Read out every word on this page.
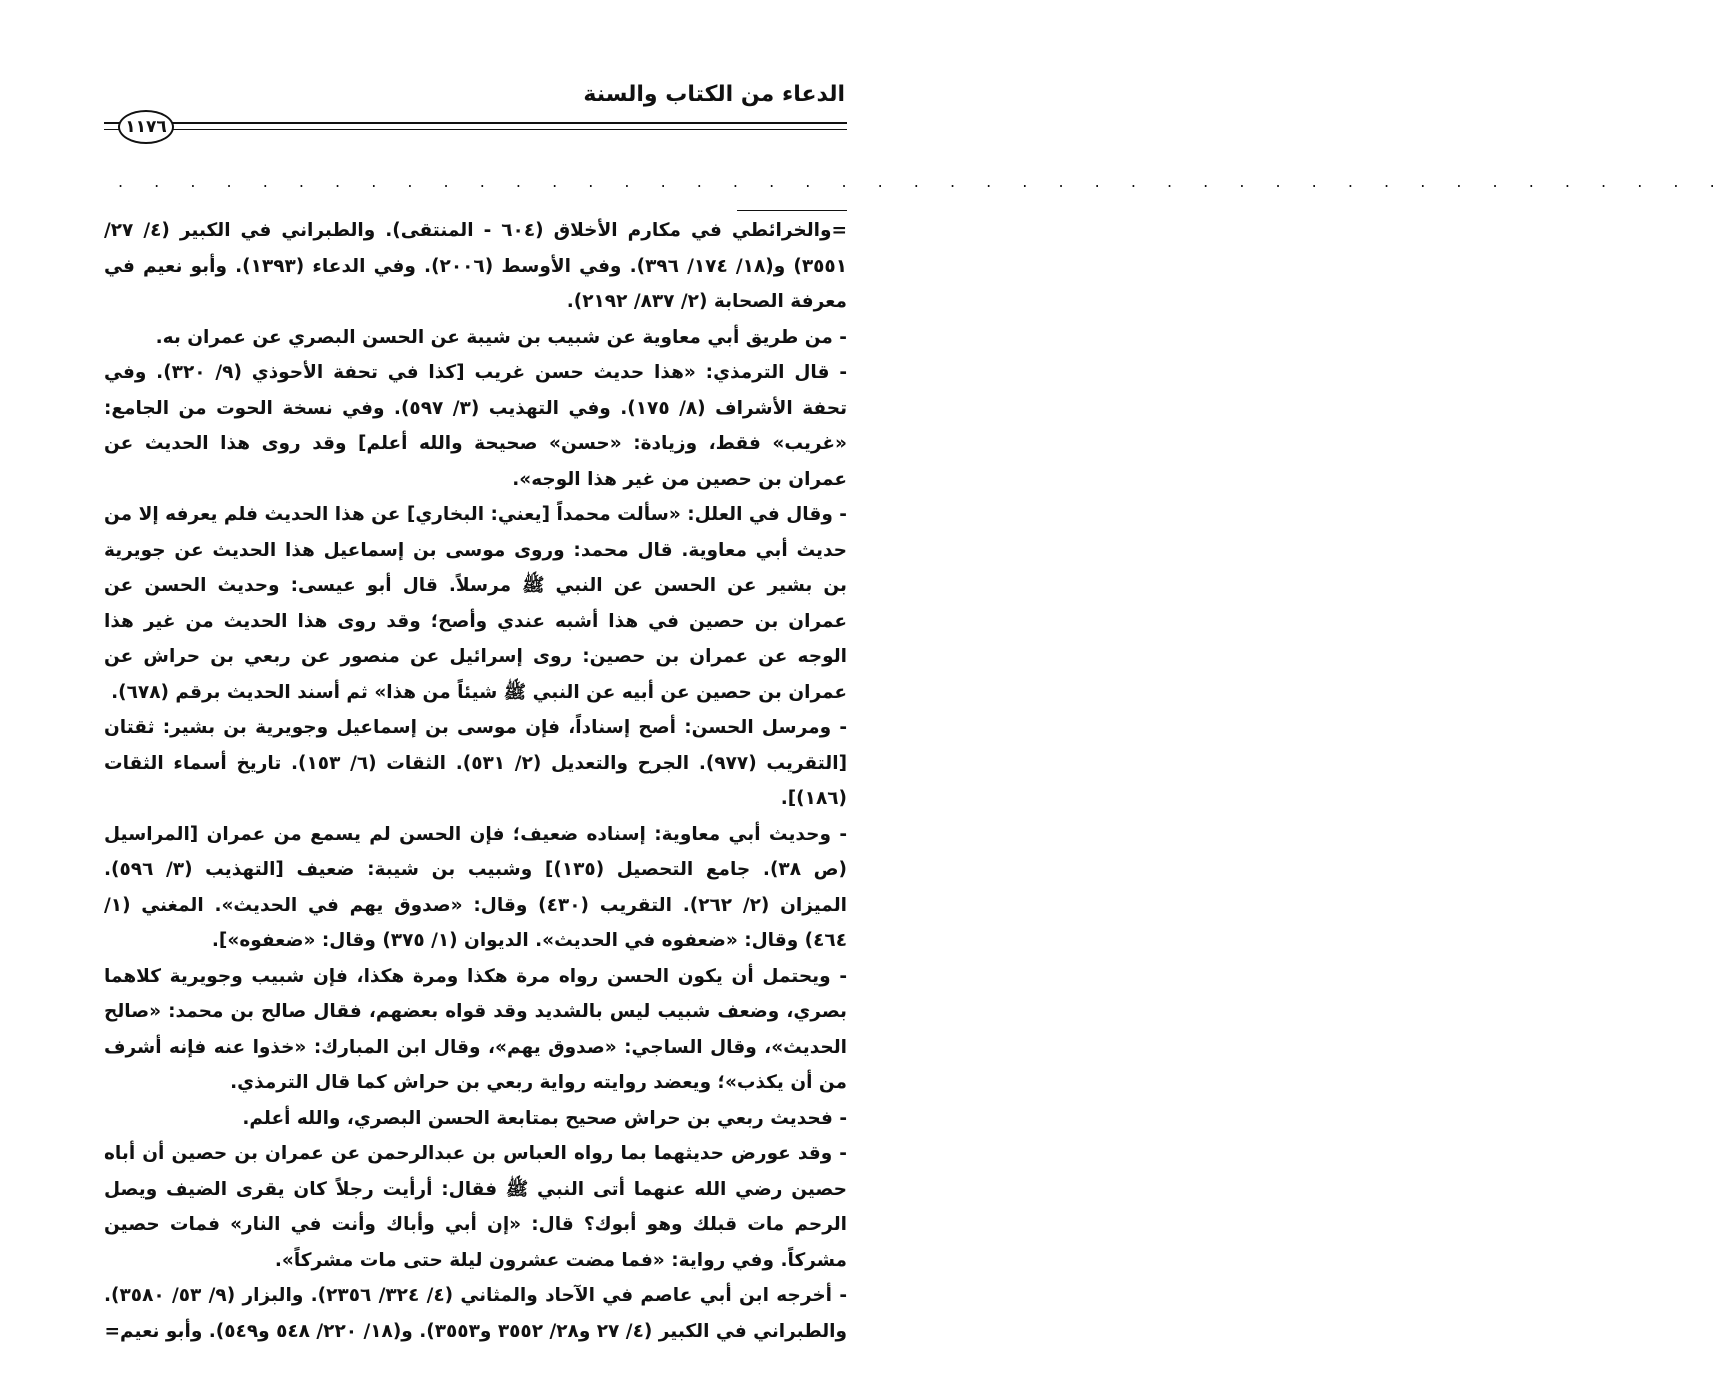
الدعاء من الكتاب والسنة
١١٧٦
. . . . . . . . . . . . . . . . . . . . . . . . . . . . . . . . . . . . . . . . . . . . .

=والخرائطي في مكارم الأخلاق (٦٠٤ - المنتقى). والطبراني في الكبير (٤/ ٢٧/ ٣٥٥١) و(١٨/ ١٧٤/ ٣٩٦). وفي الأوسط (٢٠٠٦). وفي الدعاء (١٣٩٣). وأبو نعيم في معرفة الصحابة (٢/ ٨٣٧/ ٢١٩٢).

- من طريق أبي معاوية عن شبيب بن شيبة عن الحسن البصري عن عمران به.

- قال الترمذي: «هذا حديث حسن غريب [كذا في تحفة الأحوذي (٩/ ٣٢٠). وفي تحفة الأشراف (٨/ ١٧٥). وفي التهذيب (٣/ ٥٩٧). وفي نسخة الحوت من الجامع: «غريب» فقط، وزيادة: «حسن» صحيحة والله أعلم] وقد روى هذا الحديث عن عمران بن حصين من غير هذا الوجه».

- وقال في العلل: «سألت محمداً [يعني: البخاري] عن هذا الحديث فلم يعرفه إلا من حديث أبي معاوية. قال محمد: وروى موسى بن إسماعيل هذا الحديث عن جويرية بن بشير عن الحسن عن النبي ﷺ مرسلاً. قال أبو عيسى: وحديث الحسن عن عمران بن حصين في هذا أشبه عندي وأصح؛ وقد روى هذا الحديث من غير هذا الوجه عن عمران بن حصين: روى إسرائيل عن منصور عن ربعي بن حراش عن عمران بن حصين عن أبيه عن النبي ﷺ شيئاً من هذا» ثم أسند الحديث برقم (٦٧٨).

- ومرسل الحسن: أصح إسناداً، فإن موسى بن إسماعيل وجويرية بن بشير: ثقتان [التقريب (٩٧٧). الجرح والتعديل (٢/ ٥٣١). الثقات (٦/ ١٥٣). تاريخ أسماء الثقات (١٨٦)].

- وحديث أبي معاوية: إسناده ضعيف؛ فإن الحسن لم يسمع من عمران [المراسيل (ص ٣٨). جامع التحصيل (١٣٥)] وشبيب بن شيبة: ضعيف [التهذيب (٣/ ٥٩٦). الميزان (٢/ ٢٦٢). التقريب (٤٣٠) وقال: «صدوق يهم في الحديث». المغني (١/ ٤٦٤) وقال: «ضعفوه في الحديث». الديوان (١/ ٣٧٥) وقال: «ضعفوه»].

- ويحتمل أن يكون الحسن رواه مرة هكذا ومرة هكذا، فإن شبيب وجويرية كلاهما بصري، وضعف شبيب ليس بالشديد وقد قواه بعضهم، فقال صالح بن محمد: «صالح الحديث»، وقال الساجي: «صدوق يهم»، وقال ابن المبارك: «خذوا عنه فإنه أشرف من أن يكذب»؛ ويعضد روايته رواية ربعي بن حراش كما قال الترمذي.

- فحديث ربعي بن حراش صحيح بمتابعة الحسن البصري، والله أعلم.

- وقد عورض حديثهما بما رواه العباس بن عبدالرحمن عن عمران بن حصين أن أباه حصين رضي الله عنهما أتى النبي ﷺ فقال: أرأيت رجلاً كان يقرى الضيف ويصل الرحم مات قبلك وهو أبوك؟ قال: «إن أبي وأباك وأنت في النار» فمات حصين مشركاً. وفي رواية: «فما مضت عشرون ليلة حتى مات مشركاً».

- أخرجه ابن أبي عاصم في الآحاد والمثاني (٤/ ٣٢٤/ ٢٣٥٦). والبزار (٩/ ٥٣/ ٣٥٨٠). والطبراني في الكبير (٤/ ٢٧ و٢٨/ ٣٥٥٢ و٣٥٥٣). و(١٨/ ٢٢٠/ ٥٤٨ و٥٤٩). وأبو نعيم=
